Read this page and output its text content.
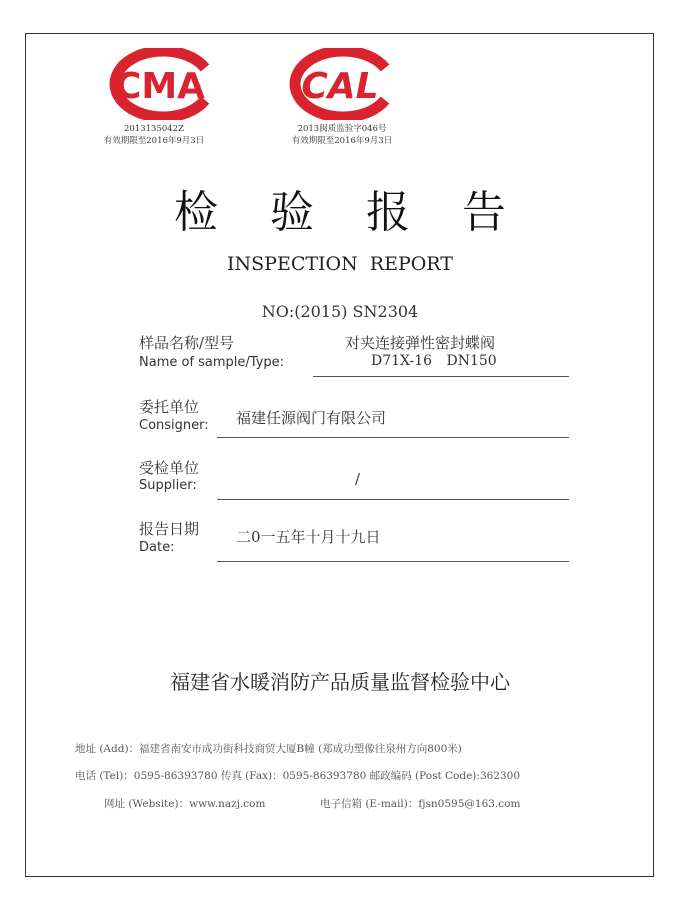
CMA	CAL
2013135042Z
有效期限至2016年9月3日
2013闽质监验字046号
有效期限至2016年9月3日
检验报告
INSPECTION REPORT
NO:(2015) SN2304
样品名称/型号
Name of sample/Type:
对夹连接弹性密封蝶阀
D71X-16 DN150
委托单位
Consigner: 福建任源阀门有限公司
受检单位
Supplier:	/
报告日期
Date:
二0一五年十月十九日
福建省水暖消防产品质量监督检验中心
地址 (Add)：福建省南安市成功街科技商贸大厦B幢 (郑成功塑像往泉州方向800米)
电话 (Tel)：0595-86393780 传真 (Fax)：0595-86393780 邮政编码 (Post Code):362300
网址 (Website)：www.nazj.com	电子信箱 (E-mail)：fjsn0595@163.com
